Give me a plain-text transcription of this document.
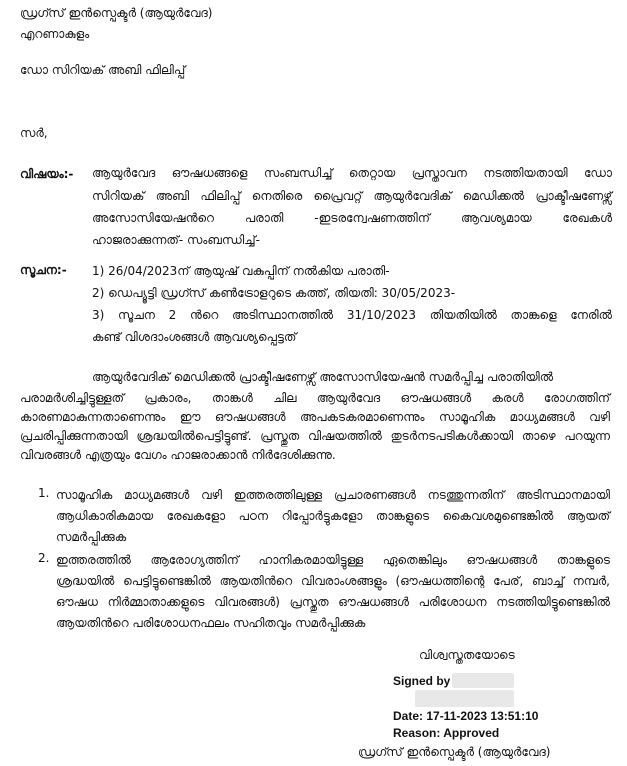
ഡ്രഗ്സ് ഇൻസ്പെക്ടർ (ആയുർവേദ)
എറണാകുളം
ഡോ സിറിയക് അബി ഫിലിപ്പ്
സർ,
വിഷയം:- ആയുർവേദ ഔഷധങ്ങളെ സംബന്ധിച്ച് തെറ്റായ പ്രസ്താവന നടത്തിയതായി ഡോ
സിറിയക് അബി ഫിലിപ്പ് നെതിരെ പ്രൈവറ്റ് ആയുർവേദിക് മെഡിക്കൽ പ്രാക്ടീഷണേഴ്സ്
അസോസിയേഷൻറെ പരാതി -ഇടരന്വേഷണത്തിന് ആവശ്യമായ രേഖകൾ
ഹാജരാക്കുന്നത്- സംബന്ധിച്ച്-
സൂചന:- 1) 26/04/2023ന് ആയുഷ് വകുപ്പിന് നൽകിയ പരാതി-
2) ഡെപ്യൂട്ടി ഡ്രഗ്സ് കൺട്രോളറുടെ കത്ത്, തിയതി: 30/05/2023-
3) സൂചന 2 ൻറെ അടിസ്ഥാനത്തിൽ 31/10/2023 തിയതിയിൽ താങ്കളെ നേരിൽ
കണ്ട് വിശദാംശങ്ങൾ ആവശ്യപ്പെട്ടത്
ആയുർവേദിക് മെഡിക്കൽ പ്രാക്ടീഷണേഴ്സ് അസോസിയേഷൻ സമർപ്പിച്ച പരാതിയിൽ
പരാമർശിച്ചിട്ടുള്ളത് പ്രകാരം, താങ്കൾ ചില ആയുർവേദ ഔഷധങ്ങൾ കരൾ രോഗത്തിന്
കാരണമാകുന്നതാണെന്നും ഈ ഔഷധങ്ങൾ അപകടകരമാണെന്നും സാമൂഹിക മാധ്യമങ്ങൾ വഴി
പ്രചരിപ്പിക്കുന്നതായി ശ്രദ്ധയിൽപെട്ടിട്ടുണ്ട്. പ്രസ്തുത വിഷയത്തിൽ തുടർനടപടികൾക്കായി താഴെ പറയുന്ന
വിവരങ്ങൾ എത്രയും വേഗം ഹാജരാക്കാൻ നിർദേശിക്കുന്നു.
1. സാമൂഹിക മാധ്യമങ്ങൾ വഴി ഇത്തരത്തിലുള്ള പ്രചാരണങ്ങൾ നടത്തുന്നതിന് അടിസ്ഥാനമായി
ആധികാരികമായ രേഖകളോ പഠന റിപ്പോർട്ടുകളോ താങ്കളുടെ കൈവശമുണ്ടെങ്കിൽ ആയത്
സമർപ്പിക്കുക
2. ഇത്തരത്തിൽ ആരോഗ്യത്തിന് ഹാനികരമായിട്ടുള്ള ഏതെങ്കിലും ഔഷധങ്ങൾ താങ്കളുടെ
ശ്രദ്ധയിൽ പെട്ടിട്ടുണ്ടെങ്കിൽ ആയതിൻറെ വിവരാംശങ്ങളും (ഔഷധത്തിന്റെ പേര്, ബാച്ച് നമ്പർ,
ഔഷധ നിർമ്മാതാക്കളുടെ വിവരങ്ങൾ) പ്രസ്തുത ഔഷധങ്ങൾ പരിശോധന നടത്തിയിട്ടുണ്ടെങ്കിൽ
ആയതിൻറെ പരിശോധനഫലം സഹിതവും സമർപ്പിക്കുക
വിശ്വസ്തതയോടെ
Signed by
Date: 17-11-2023 13:51:10
Reason: Approved
ഡ്രഗ്സ് ഇൻസ്പെക്ടർ (ആയുർവേദ)
